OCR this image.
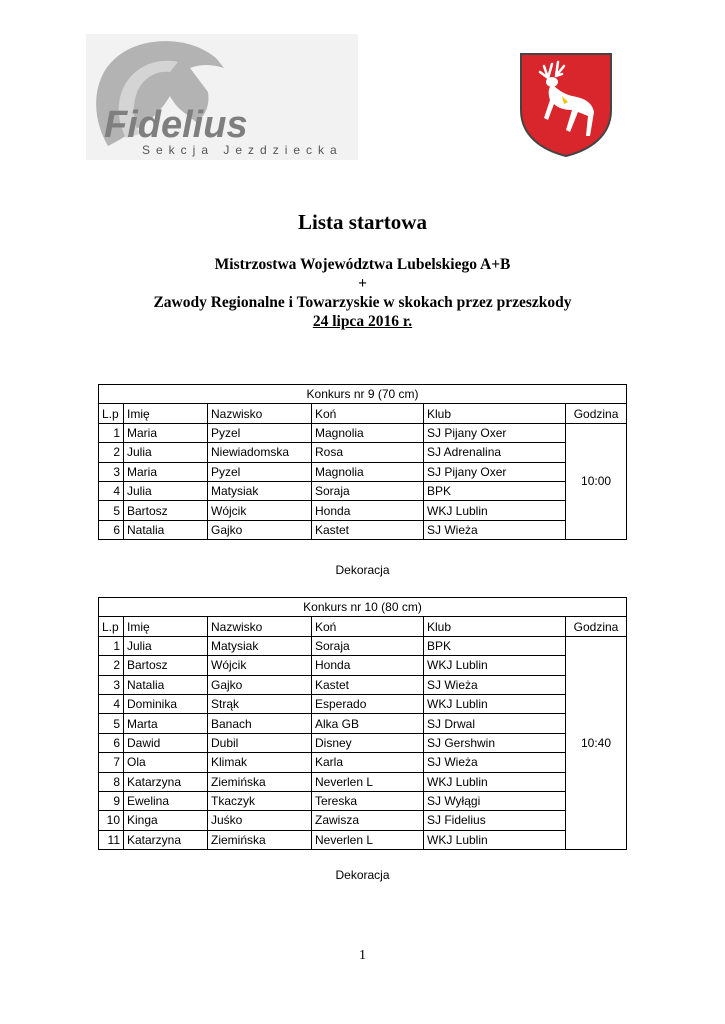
Fidelius
Sekcja Jezdziecka
Lista startowa
Mistrzostwa Województwa Lubelskiego A+B
+
Zawody Regionalne i Towarzyskie w skokach przez przeszkody
24 lipca 2016 r.
Konkurs nr 9 (70 cm)					
L.p	Imię	Nazwisko	Koń	Klub	Godzina
1	Maria	Pyzel	Magnolia	SJ Pijany Oxer	10:00
2	Julia	Niewiadomska	Rosa	SJ Adrenalina	
3	Maria	Pyzel	Magnolia	SJ Pijany Oxer	
4	Julia	Matysiak	Soraja	BPK	
5	Bartosz	Wójcik	Honda	WKJ Lublin	
6	Natalia	Gajko	Kastet	SJ Wieża	
Dekoracja
Konkurs nr 10 (80 cm)					
L.p	Imię	Nazwisko	Koń	Klub	Godzina
1	Julia	Matysiak	Soraja	BPK	10:40
2	Bartosz	Wójcik	Honda	WKJ Lublin	
3	Natalia	Gajko	Kastet	SJ Wieża	
4	Dominika	Strąk	Esperado	WKJ Lublin	
5	Marta	Banach	Alka GB	SJ Drwal	
6	Dawid	Dubil	Disney	SJ Gershwin	
7	Ola	Klimak	Karla	SJ Wieża	
8	Katarzyna	Ziemińska	Neverlen L	WKJ Lublin	
9	Ewelina	Tkaczyk	Tereska	SJ Wyłągi	
10	Kinga	Juśko	Zawisza	SJ Fidelius	
11	Katarzyna	Ziemińska	Neverlen L	WKJ Lublin	
Dekoracja
1
